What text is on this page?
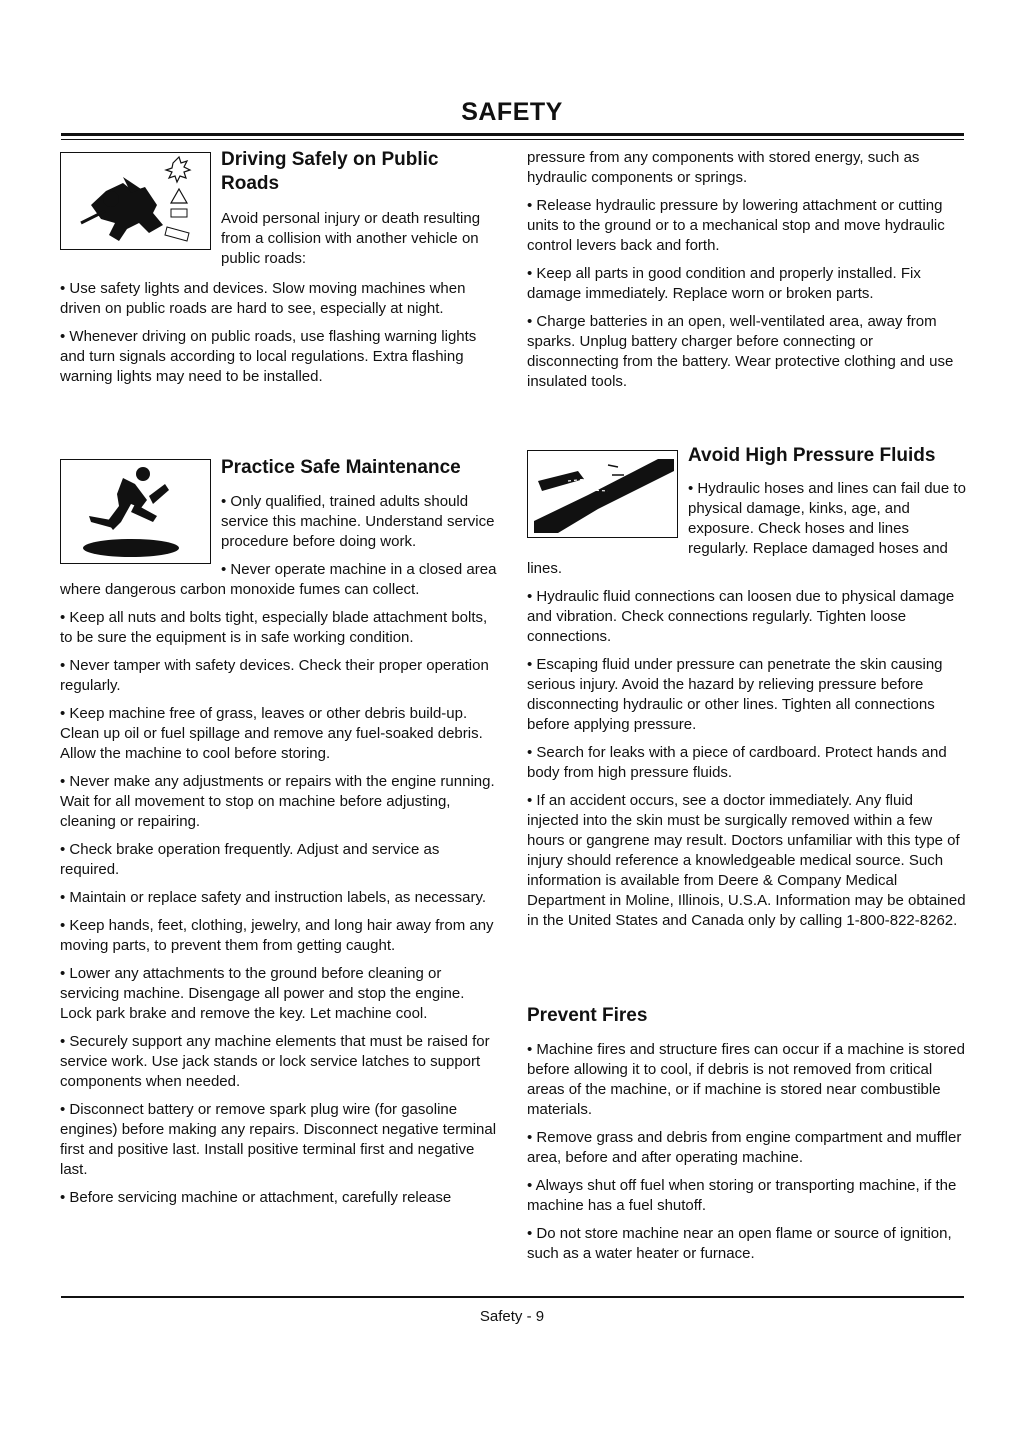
SAFETY
Driving Safely on Public Roads

Avoid personal injury or death resulting from a collision with another vehicle on public roads:

• Use safety lights and devices. Slow moving machines when driven on public roads are hard to see, especially at night.

• Whenever driving on public roads, use flashing warning lights and turn signals according to local regulations. Extra flashing warning lights may need to be installed.

Practice Safe Maintenance

• Only qualified, trained adults should service this machine. Understand service procedure before doing work.

• Never operate machine in a closed area where dangerous carbon monoxide fumes can collect.

• Keep all nuts and bolts tight, especially blade attachment bolts, to be sure the equipment is in safe working condition.

• Never tamper with safety devices. Check their proper operation regularly.

• Keep machine free of grass, leaves or other debris build-up. Clean up oil or fuel spillage and remove any fuel-soaked debris. Allow the machine to cool before storing.

• Never make any adjustments or repairs with the engine running. Wait for all movement to stop on machine before adjusting, cleaning or repairing.

• Check brake operation frequently. Adjust and service as required.

• Maintain or replace safety and instruction labels, as necessary.

• Keep hands, feet, clothing, jewelry, and long hair away from any moving parts, to prevent them from getting caught.

• Lower any attachments to the ground before cleaning or servicing machine. Disengage all power and stop the engine. Lock park brake and remove the key. Let machine cool.

• Securely support any machine elements that must be raised for service work. Use jack stands or lock service latches to support components when needed.

• Disconnect battery or remove spark plug wire (for gasoline engines) before making any repairs. Disconnect negative terminal first and positive last. Install positive terminal first and negative last.

• Before servicing machine or attachment, carefully release

pressure from any components with stored energy, such as hydraulic components or springs.

• Release hydraulic pressure by lowering attachment or cutting units to the ground or to a mechanical stop and move hydraulic control levers back and forth.

• Keep all parts in good condition and properly installed. Fix damage immediately. Replace worn or broken parts.

• Charge batteries in an open, well-ventilated area, away from sparks. Unplug battery charger before connecting or disconnecting from the battery. Wear protective clothing and use insulated tools.

Avoid High Pressure Fluids

• Hydraulic hoses and lines can fail due to physical damage, kinks, age, and exposure. Check hoses and lines regularly. Replace damaged hoses and lines.

• Hydraulic fluid connections can loosen due to physical damage and vibration. Check connections regularly. Tighten loose connections.

• Escaping fluid under pressure can penetrate the skin causing serious injury. Avoid the hazard by relieving pressure before disconnecting hydraulic or other lines. Tighten all connections before applying pressure.

• Search for leaks with a piece of cardboard. Protect hands and body from high pressure fluids.

• If an accident occurs, see a doctor immediately. Any fluid injected into the skin must be surgically removed within a few hours or gangrene may result. Doctors unfamiliar with this type of injury should reference a knowledgeable medical source. Such information is available from Deere & Company Medical Department in Moline, Illinois, U.S.A. Information may be obtained in the United States and Canada only by calling 1-800-822-8262.

Prevent Fires

• Machine fires and structure fires can occur if a machine is stored before allowing it to cool, if debris is not removed from critical areas of the machine, or if machine is stored near combustible materials.

• Remove grass and debris from engine compartment and muffler area, before and after operating machine.

• Always shut off fuel when storing or transporting machine, if the machine has a fuel shutoff.

• Do not store machine near an open flame or source of ignition, such as a water heater or furnace.

Safety - 9
